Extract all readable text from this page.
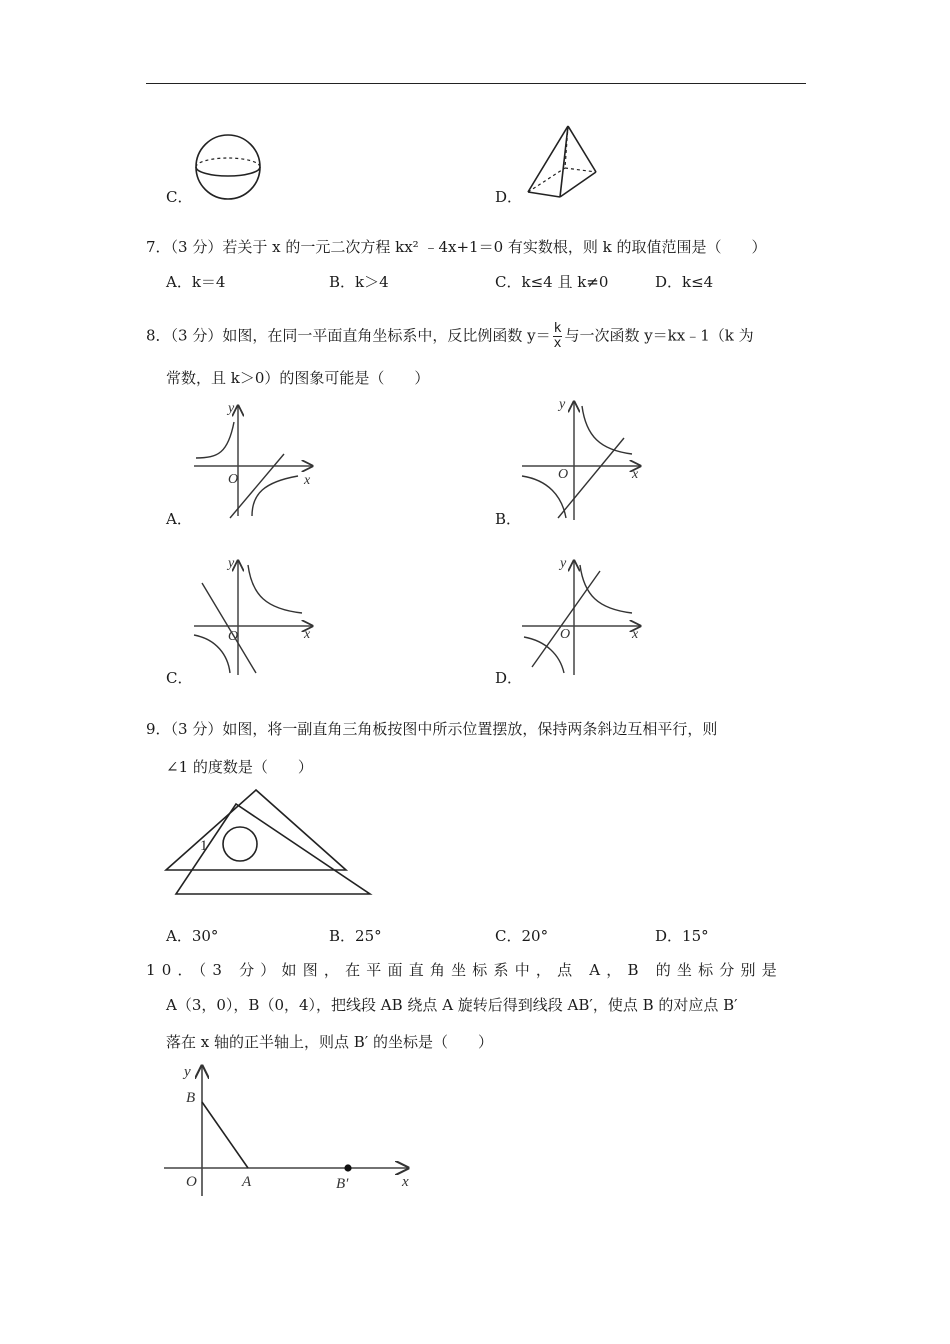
C．	D．
7．（3 分）若关于 x 的一元二次方程 kx² ﹣4x+1＝0 有实数根，则 k 的取值范围是（　　）
A．k＝4	B．k＞4	C．k≤4 且 k≠0	D．k≤4
8．（3 分）如图，在同一平面直角坐标系中，反比例函数 $y= \frac{k}{x}$ 与一次函数 y＝kx﹣1（k 为
常数，且 k＞0）的图象可能是（　　）
y
x
O
A．
y
x
O
B．
y
x
O
C．
y
x
O
D．
9．（3 分）如图，将一副直角三角板按图中所示位置摆放，保持两条斜边互相平行，则
∠1 的度数是（　　）
1
A．30°	B．25°	C．20°	D．15°
10．（3 分）如图，在平面直角坐标系中，点 A，B 的坐标分别是
A（3，0），B（0，4），把线段 AB 绕点 A 旋转后得到线段 AB′，使点 B 的对应点 B′
落在 x 轴的正半轴上，则点 B′ 的坐标是（　　）
y
B
O	A	B′	x
